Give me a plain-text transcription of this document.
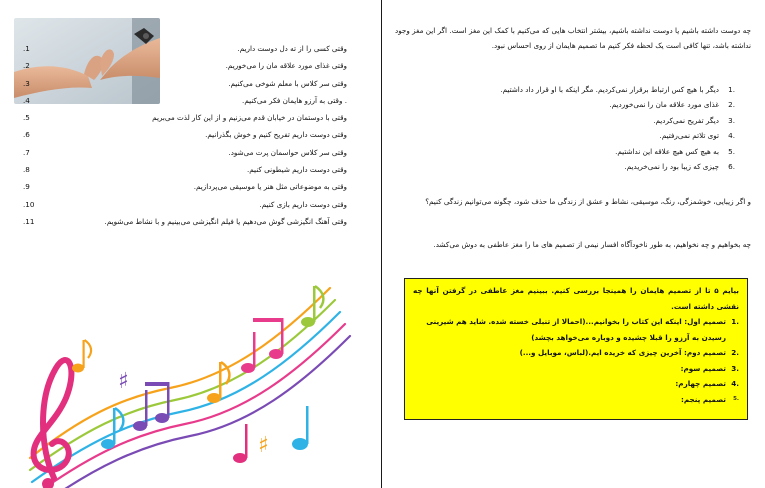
وقتی کسی را از ته دل دوست داریم.
.1
وقتی غذای مورد علاقه مان را می‌خوریم.
.2
وقتی سر کلاس با معلم شوخی می‌کنیم.
.3
. وقتی به آرزو هایمان فکر می‌کنیم.
.4
وقتی با دوستمان در خیابان قدم می‌زنیم و از این کار لذت می‌بریم
.5
وقتی دوست داریم تفریح کنیم و خوش بگذرانیم.
.6
وقتی سر کلاس حواسمان پرت می‌شود.
.7
وقتی دوست داریم شیطونی کنیم.
.8
وقتی به موضوعاتی مثل هنر یا موسیقی می‌پردازیم.
.9
وقتی دوست داریم بازی کنیم.
.10
وقتی آهنگ انگیزشی گوش می‌دهیم یا فیلم انگیزشی می‌بینیم و با نشاط می‌شویم.
.11
♯
♯
چه دوست داشته باشیم یا دوست نداشته باشیم، بیشتر انتخاب هایی که می‌کنیم با کمک این مغز است. اگر این مغز وجود نداشته باشد، تنها کافی است یک لحظه فکر کنیم ما تصمیم هایمان از روی احساس نبود.
.1
دیگر با هیچ کس ارتباط برقرار نمی‌کردیم. مگر اینکه با او قرار داد داشتیم.
.2
غذای مورد علاقه مان را نمی‌خوردیم.
.3
دیگر تفریح نمی‌کردیم.
.4
توی تلاتم نمی‌رفتیم.
.5
به هیچ کس هیچ علاقه این نداشتیم.
.6
چیزی که زیبا بود را نمی‌خریدیم.
و اگر زیبایی، خوشمزگی، رنگ، موسیقی، نشاط و عشق از زندگی ما حذف شود، چگونه می‌توانیم زندگی کنیم؟
چه بخواهیم و چه نخواهیم، به طور ناخودآگاه افسار نیمی از تصمیم های ما را مغز عاطفی به دوش می‌کشد.
بیایم ۵ تا از تصمیم هایمان را همینجا بررسی کنیم. ببینیم مغز عاطفی در گرفتن آنها چه نقشی داشته است.
.1
تصمیم اول: اینکه این کتاب را بخوانیم...(احمالا از تنبلی خسته شده. شاید هم شیرینی
رسیدن به آرزو را قبلا چشیده و دوباره می‌خواهد بچشد)
.2
تصمیم دوم: آخرین چیزی که خریده ایم.(لباس، موبایل و...)
.3
تصمیم سوم:
.4
تصمیم چهارم:
.5
تصمیم پنجم:
